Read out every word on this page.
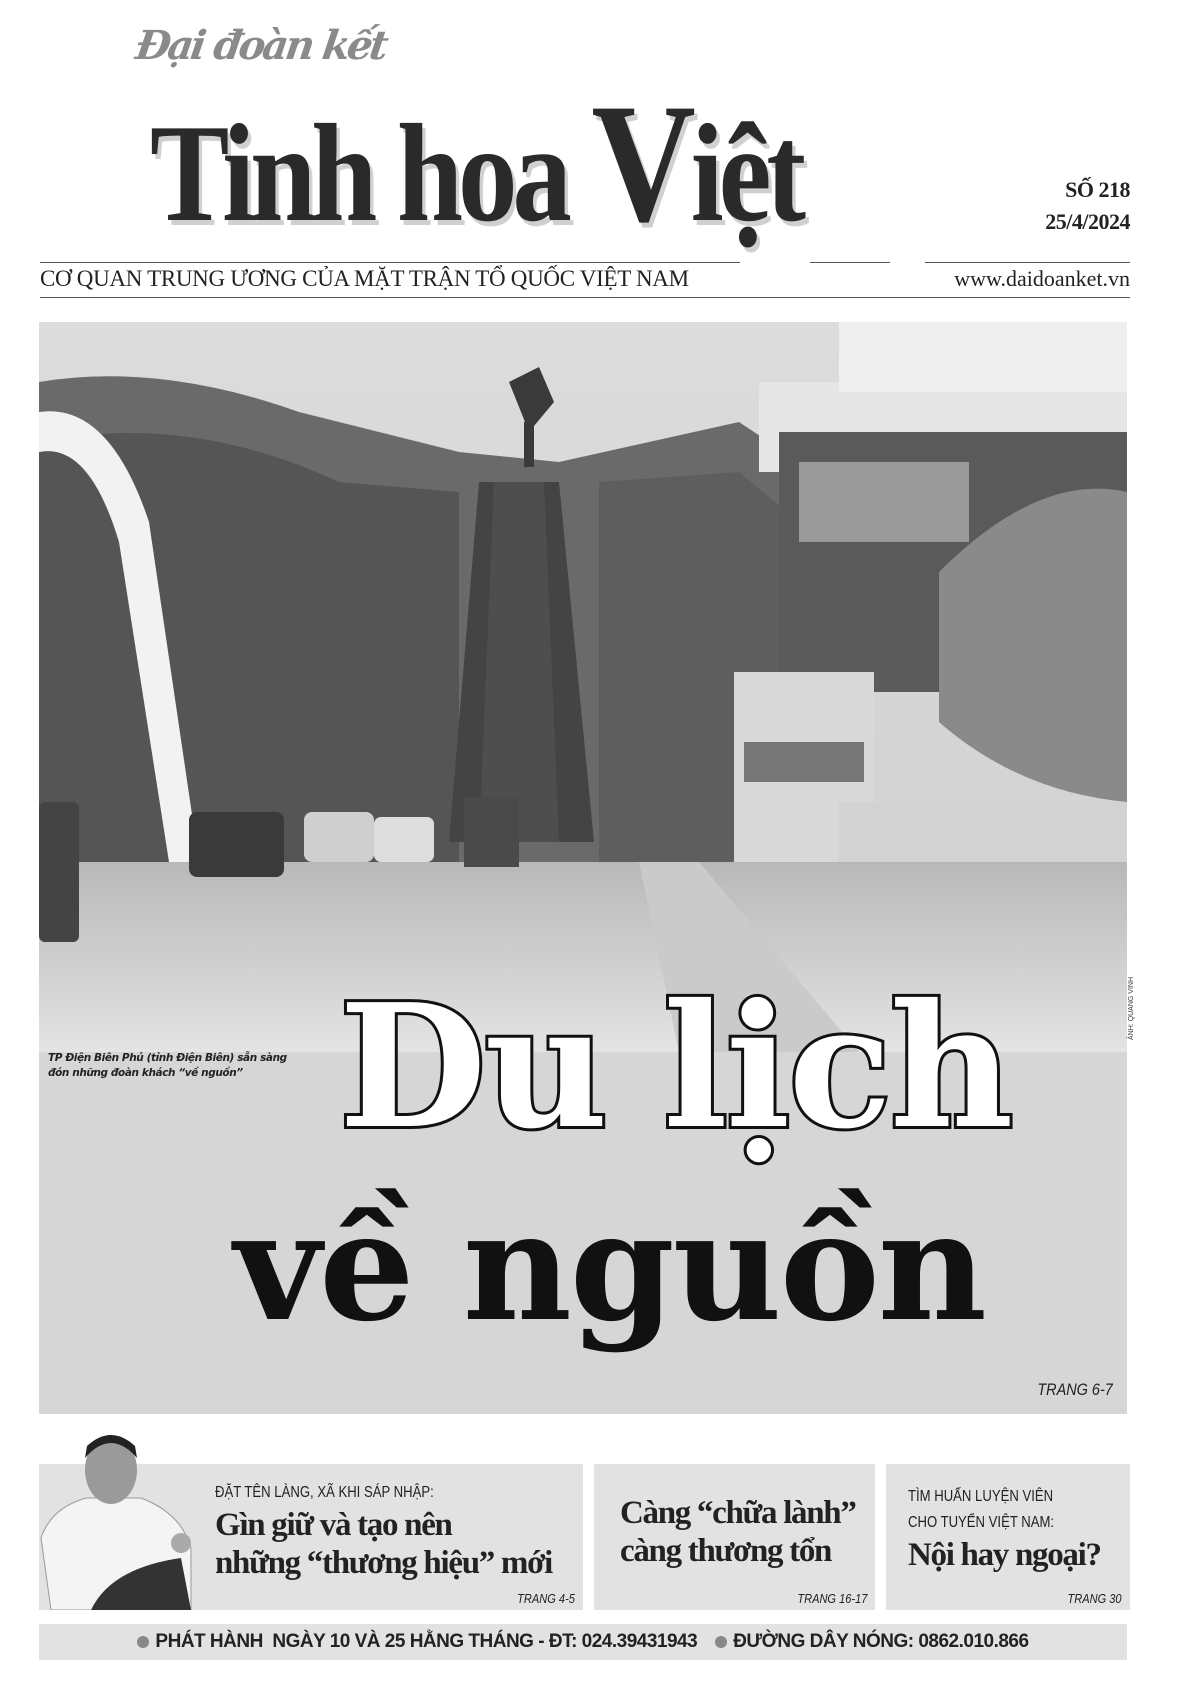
Đại đoàn kết
Tinh hoa Việt	SỐ 218
25/4/2024
CƠ QUAN TRUNG ƯƠNG CỦA MẶT TRẬN TỔ QUỐC VIỆT NAM	www.daidoanket.vn
TP Điện Biên Phủ (tỉnh Điện Biên) sẵn sàng
đón những đoàn khách “về nguồn” Du lịch
về nguồn
TRANG 6-7
ẢNH: QUANG VINH
ĐẶT TÊN LÀNG, XÃ KHI SÁP NHẬP:
Gìn giữ và tạo nên
những “thương hiệu” mới
TRANG 4-5
Càng “chữa lành”
càng thương tổn
TRANG 16-17
TÌM HUẤN LUYỆN VIÊN
CHO TUYỂN VIỆT NAM:
Nội hay ngoại?
TRANG 30
PHÁT HÀNH  NGÀY 10 VÀ 25 HẰNG THÁNG - ĐT: 024.39431943 ĐƯỜNG DÂY NÓNG: 0862.010.866
